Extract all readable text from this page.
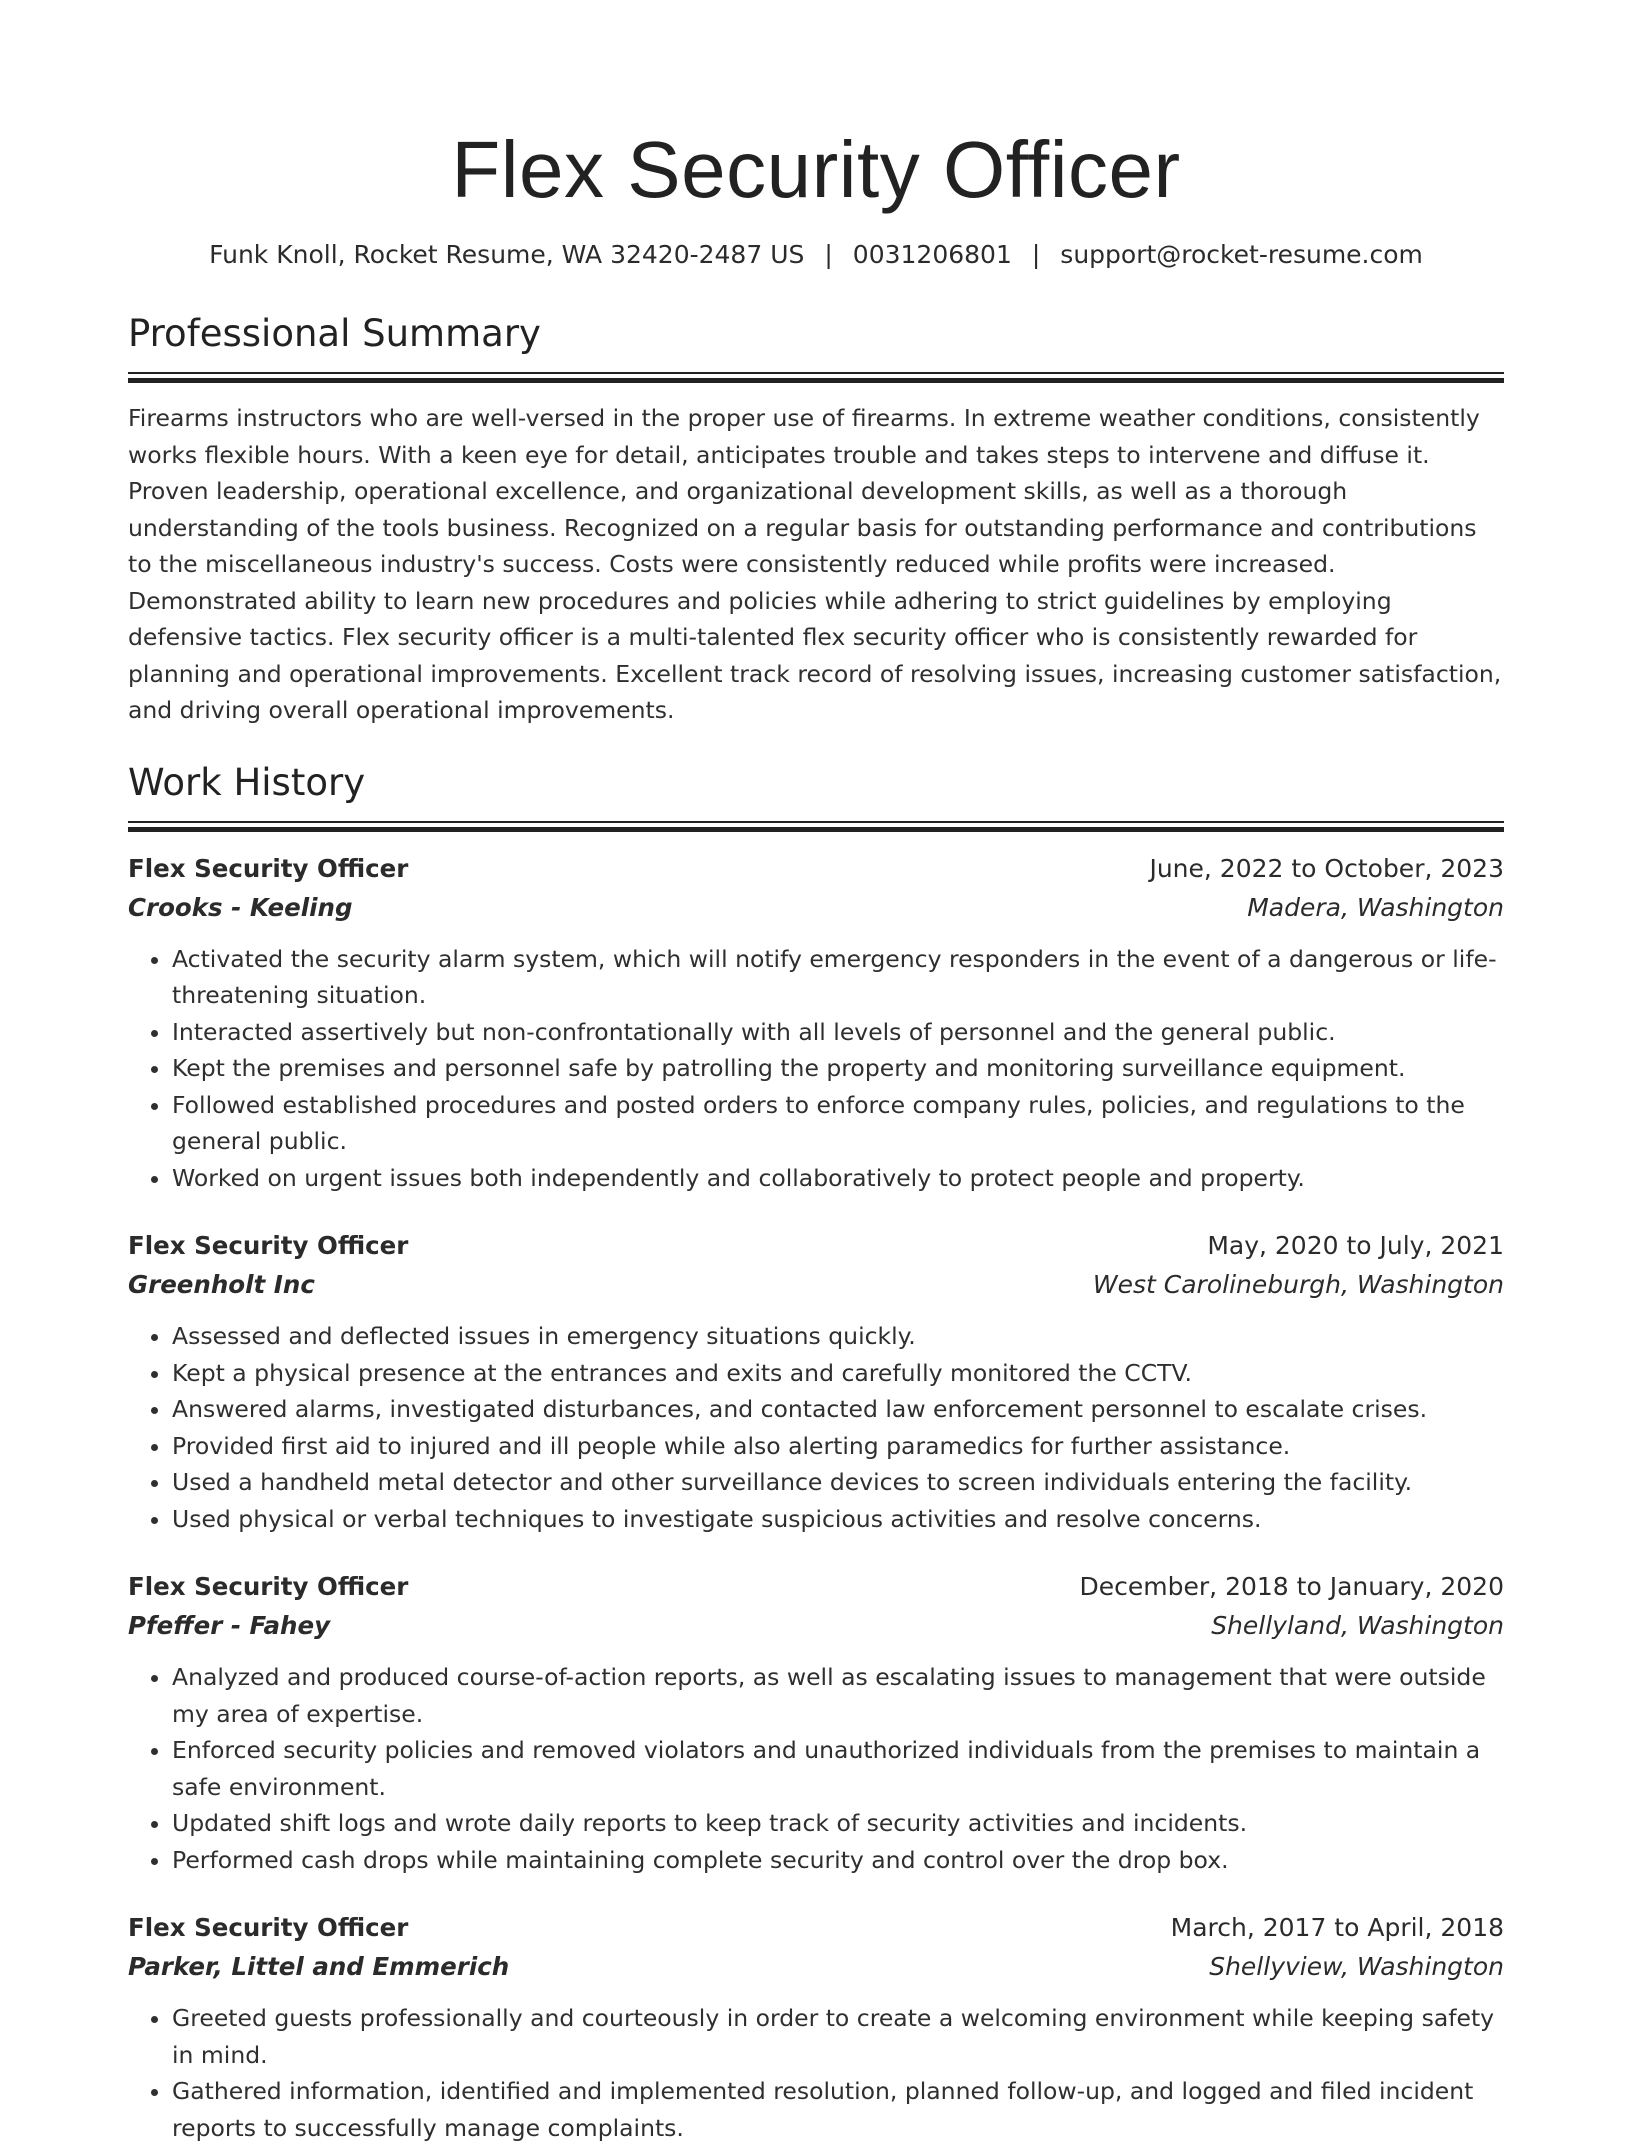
Flex Security Officer
Funk Knoll, Rocket Resume, WA 32420-2487 US | 0031206801 | support@rocket-resume.com
Professional Summary

Firearms instructors who are well-versed in the proper use of firearms. In extreme weather conditions, consistently works flexible hours. With a keen eye for detail, anticipates trouble and takes steps to intervene and diffuse it. Proven leadership, operational excellence, and organizational development skills, as well as a thorough understanding of the tools business. Recognized on a regular basis for outstanding performance and contributions to the miscellaneous industry's success. Costs were consistently reduced while profits were increased. Demonstrated ability to learn new procedures and policies while adhering to strict guidelines by employing defensive tactics. Flex security officer is a multi-talented flex security officer who is consistently rewarded for planning and operational improvements. Excellent track record of resolving issues, increasing customer satisfaction, and driving overall operational improvements.

Work History
Flex Security Officer	June, 2022 to October, 2023
Crooks - Keeling	Madera, Washington
• Activated the security alarm system, which will notify emergency responders in the event of a dangerous or life-threatening situation.
• Interacted assertively but non-confrontationally with all levels of personnel and the general public.
• Kept the premises and personnel safe by patrolling the property and monitoring surveillance equipment.
• Followed established procedures and posted orders to enforce company rules, policies, and regulations to the general public.
• Worked on urgent issues both independently and collaboratively to protect people and property.
Flex Security Officer	May, 2020 to July, 2021
Greenholt Inc	West Carolineburgh, Washington
• Assessed and deflected issues in emergency situations quickly.
• Kept a physical presence at the entrances and exits and carefully monitored the CCTV.
• Answered alarms, investigated disturbances, and contacted law enforcement personnel to escalate crises.
• Provided first aid to injured and ill people while also alerting paramedics for further assistance.
• Used a handheld metal detector and other surveillance devices to screen individuals entering the facility.
• Used physical or verbal techniques to investigate suspicious activities and resolve concerns.
Flex Security Officer	December, 2018 to January, 2020
Pfeffer - Fahey	Shellyland, Washington
• Analyzed and produced course-of-action reports, as well as escalating issues to management that were outside my area of expertise.
• Enforced security policies and removed violators and unauthorized individuals from the premises to maintain a safe environment.
• Updated shift logs and wrote daily reports to keep track of security activities and incidents.
• Performed cash drops while maintaining complete security and control over the drop box.
Flex Security Officer	March, 2017 to April, 2018
Parker, Littel and Emmerich	Shellyview, Washington
• Greeted guests professionally and courteously in order to create a welcoming environment while keeping safety in mind.
• Gathered information, identified and implemented resolution, planned follow-up, and logged and filed incident reports to successfully manage complaints.
